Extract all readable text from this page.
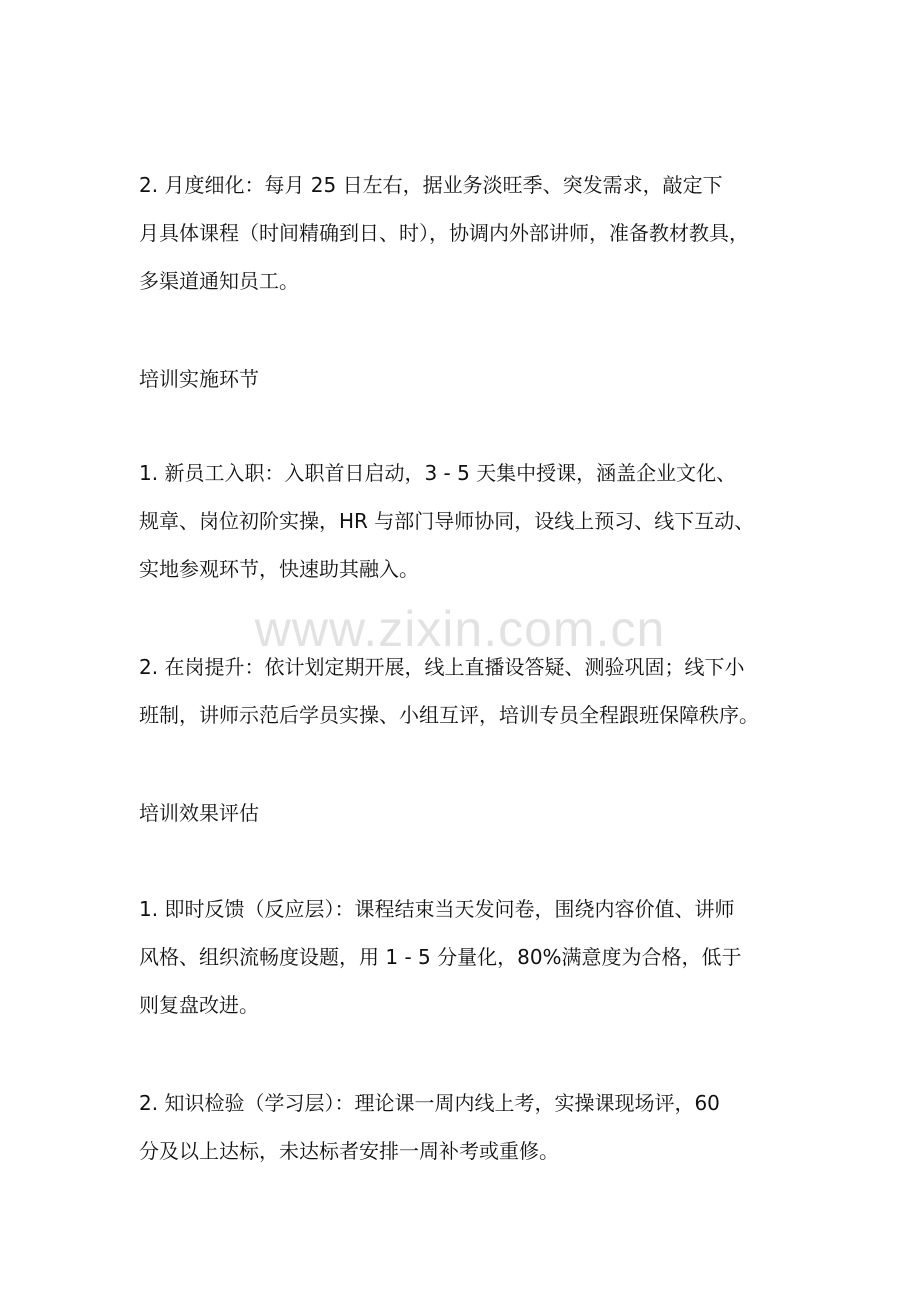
2. 月度细化：每月 25 日左右，据业务淡旺季、突发需求，敲定下
月具体课程（时间精确到日、时），协调内外部讲师，准备教材教具，
多渠道通知员工。
培训实施环节
1. 新员工入职：入职首日启动，3 - 5 天集中授课，涵盖企业文化、
规章、岗位初阶实操，HR 与部门导师协同，设线上预习、线下互动、
实地参观环节，快速助其融入。
2. 在岗提升：依计划定期开展，线上直播设答疑、测验巩固；线下小
班制，讲师示范后学员实操、小组互评，培训专员全程跟班保障秩序。
培训效果评估
1. 即时反馈（反应层）：课程结束当天发问卷，围绕内容价值、讲师
风格、组织流畅度设题，用 1 - 5 分量化，80%满意度为合格，低于
则复盘改进。
2. 知识检验（学习层）：理论课一周内线上考，实操课现场评，60
分及以上达标，未达标者安排一周补考或重修。
www.zixin.com.cn
